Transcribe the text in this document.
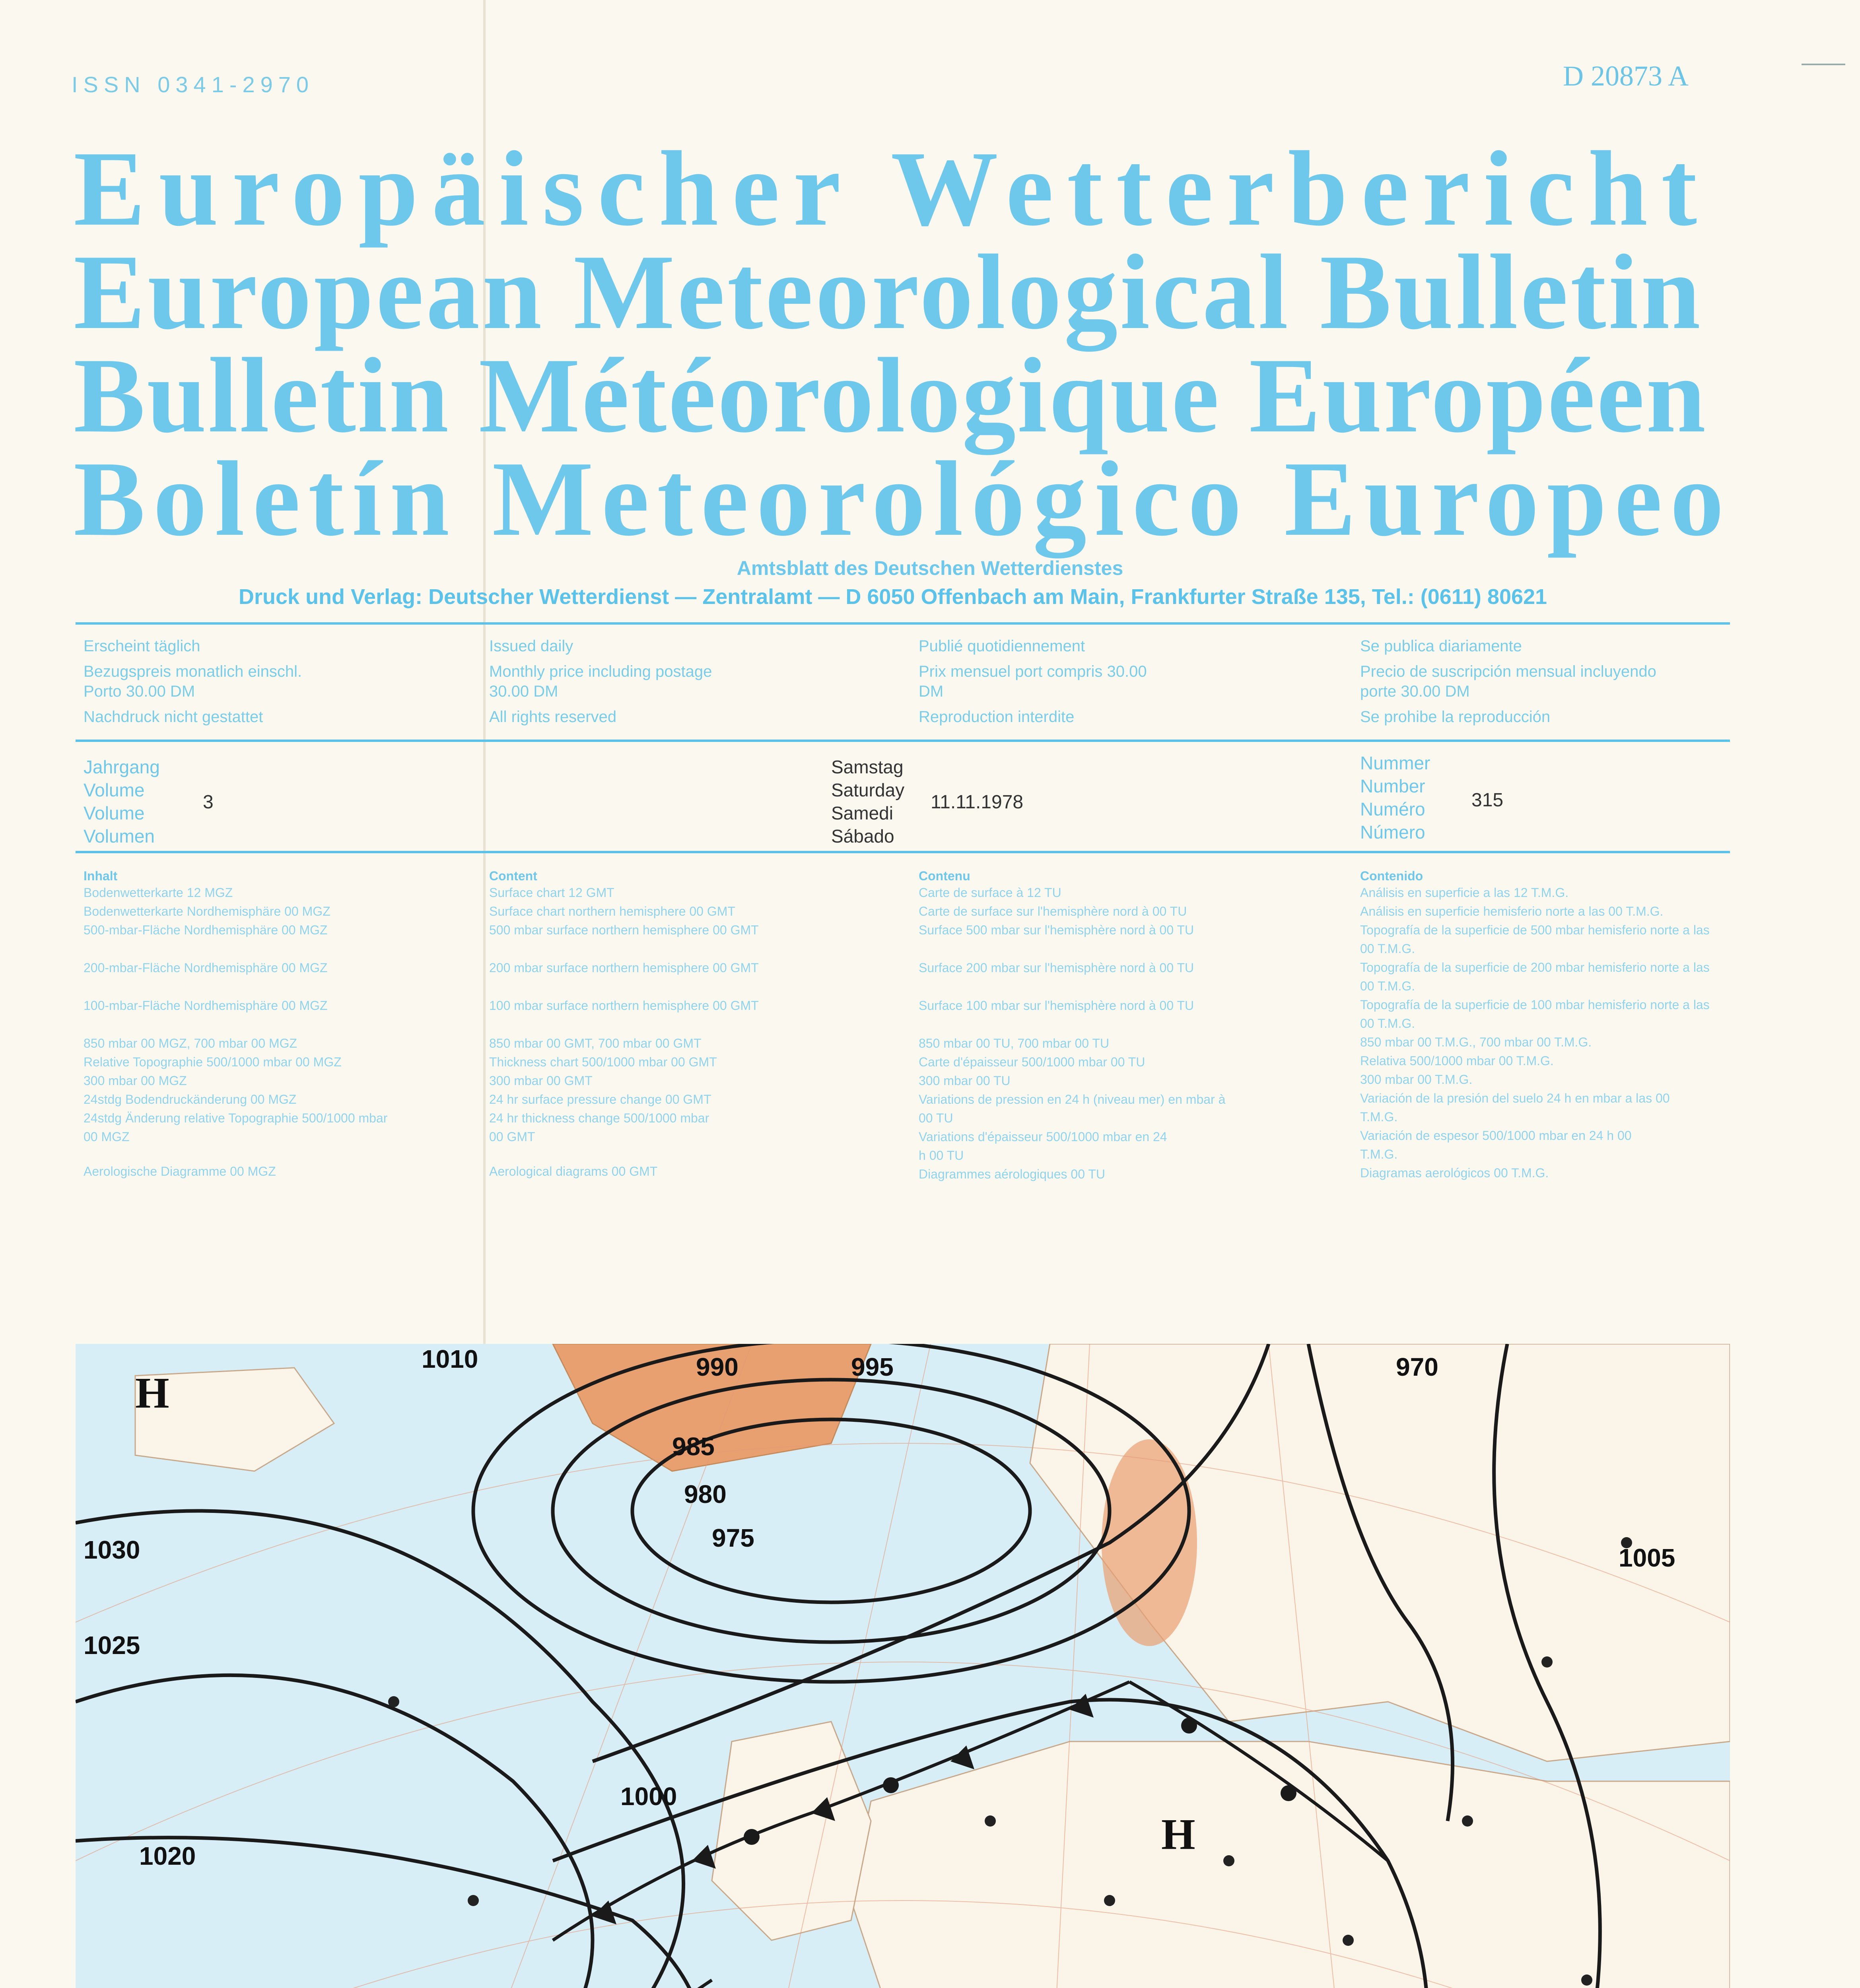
ISSN 0341-2970	D 20873 A
Europäischer Wetterbericht
European Meteorological Bulletin
Bulletin Météorologique Européen
Boletín Meteorológico Europeo
Amtsblatt des Deutschen Wetterdienstes
Druck und Verlag: Deutscher Wetterdienst — Zentralamt — D 6050 Offenbach am Main, Frankfurter Straße 135, Tel.: (0611) 80621
Erscheint täglich
Bezugspreis monatlich einschl. Porto 30.00 DM
Nachdruck nicht gestattet
Issued daily
Monthly price including postage 30.00 DM
All rights reserved
Publié quotidiennement
Prix mensuel port compris 30.00 DM
Reproduction interdite
Se publica diariamente
Precio de suscripción mensual incluyendo porte 30.00 DM
Se prohibe la reproducción
Jahrgang
Volume
Volume
Volumen
3
Samstag
Saturday
Samedi
Sábado
11.11.1978
Nummer
Number
Numéro
Número
315
Inhalt
Bodenwetterkarte 12 MGZ
Bodenwetterkarte Nordhemisphäre 00 MGZ
500-mbar-Fläche Nordhemisphäre 00 MGZ
200-mbar-Fläche Nordhemisphäre 00 MGZ
100-mbar-Fläche Nordhemisphäre 00 MGZ
850 mbar 00 MGZ, 700 mbar 00 MGZ
Relative Topographie 500/1000 mbar 00 MGZ
300 mbar 00 MGZ
24stdg Bodendruckänderung 00 MGZ
24stdg Änderung relative Topographie 500/1000 mbar 00 MGZ
Aerologische Diagramme 00 MGZ
Content
Surface chart 12 GMT
Surface chart northern hemisphere 00 GMT
500 mbar surface northern hemisphere 00 GMT
200 mbar surface northern hemisphere 00 GMT
100 mbar surface northern hemisphere 00 GMT
850 mbar 00 GMT, 700 mbar 00 GMT
Thickness chart 500/1000 mbar 00 GMT
300 mbar 00 GMT
24 hr surface pressure change 00 GMT
24 hr thickness change 500/1000 mbar 00 GMT
Aerological diagrams 00 GMT
Contenu
Carte de surface à 12 TU
Carte de surface sur l'hemisphère nord à 00 TU
Surface 500 mbar sur l'hemisphère nord à 00 TU
Surface 200 mbar sur l'hemisphère nord à 00 TU
Surface 100 mbar sur l'hemisphère nord à 00 TU
850 mbar 00 TU, 700 mbar 00 TU
Carte d'épaisseur 500/1000 mbar 00 TU
300 mbar 00 TU
Variations de pression en 24 h (niveau mer) en mbar à 00 TU
Variations d'épaisseur 500/1000 mbar en 24 h 00 TU
Diagrammes aérologiques 00 TU
Contenido
Análisis en superficie a las 12 T.M.G.
Análisis en superficie hemisferio norte a las 00 T.M.G.
Topografía de la superficie de 500 mbar hemisferio norte a las 00 T.M.G.
Topografía de la superficie de 200 mbar hemisferio norte a las 00 T.M.G.
Topografía de la superficie de 100 mbar hemisferio norte a las 00 T.M.G.
850 mbar 00 T.M.G., 700 mbar 00 T.M.G.
Relativa 500/1000 mbar 00 T.M.G.
300 mbar 00 T.M.G.
Variación de la presión del suelo 24 h en mbar a las 00 T.M.G.
Variación de espesor 500/1000 mbar en 24 h 00 T.M.G.
Diagramas aerológicos 00 T.M.G.
990	995
1030
1025
1020
1000
1005
1010
985
980
975
970
H
H
